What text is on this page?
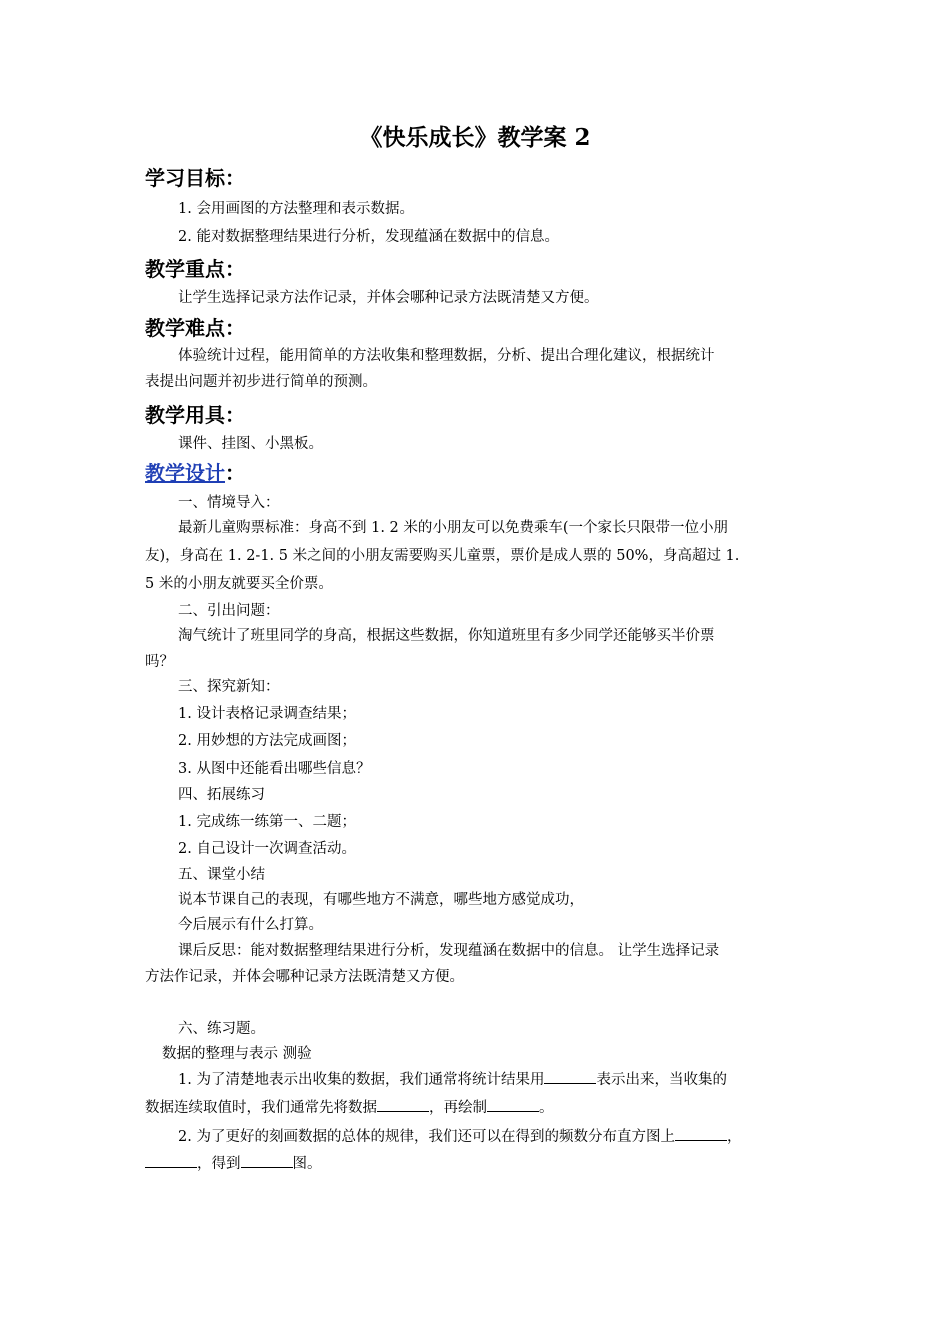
《快乐成长》教学案 2
学习目标：
1. 会用画图的方法整理和表示数据。
2. 能对数据整理结果进行分析，发现蕴涵在数据中的信息。
教学重点：
让学生选择记录方法作记录，并体会哪种记录方法既清楚又方便。
教学难点：
体验统计过程，能用简单的方法收集和整理数据，分析、提出合理化建议，根据统计
表提出问题并初步进行简单的预测。
教学用具：
课件、挂图、小黑板。
教学设计：
一、情境导入：
最新儿童购票标准：身高不到 1. 2 米的小朋友可以免费乘车(一个家长只限带一位小朋
友)，身高在 1. 2-1. 5 米之间的小朋友需要购买儿童票，票价是成人票的 50%，身高超过 1.
5 米的小朋友就要买全价票。
二、引出问题：
淘气统计了班里同学的身高，根据这些数据，你知道班里有多少同学还能够买半价票
吗？
三、探究新知：
1. 设计表格记录调查结果；
2. 用妙想的方法完成画图；
3. 从图中还能看出哪些信息？
四、拓展练习
1. 完成练一练第一、二题；
2. 自己设计一次调查活动。
五、课堂小结
说本节课自己的表现，有哪些地方不满意，哪些地方感觉成功，
今后展示有什么打算。
课后反思：能对数据整理结果进行分析，发现蕴涵在数据中的信息。 让学生选择记录
方法作记录，并体会哪种记录方法既清楚又方便。
六、练习题。
数据的整理与表示 测验
1. 为了清楚地表示出收集的数据，我们通常将统计结果用	表示出来，当收集的
数据连续取值时，我们通常先将数据	，再绘制	。
2. 为了更好的刻画数据的总体的规律，我们还可以在得到的频数分布直方图上	，
，得到	图。
